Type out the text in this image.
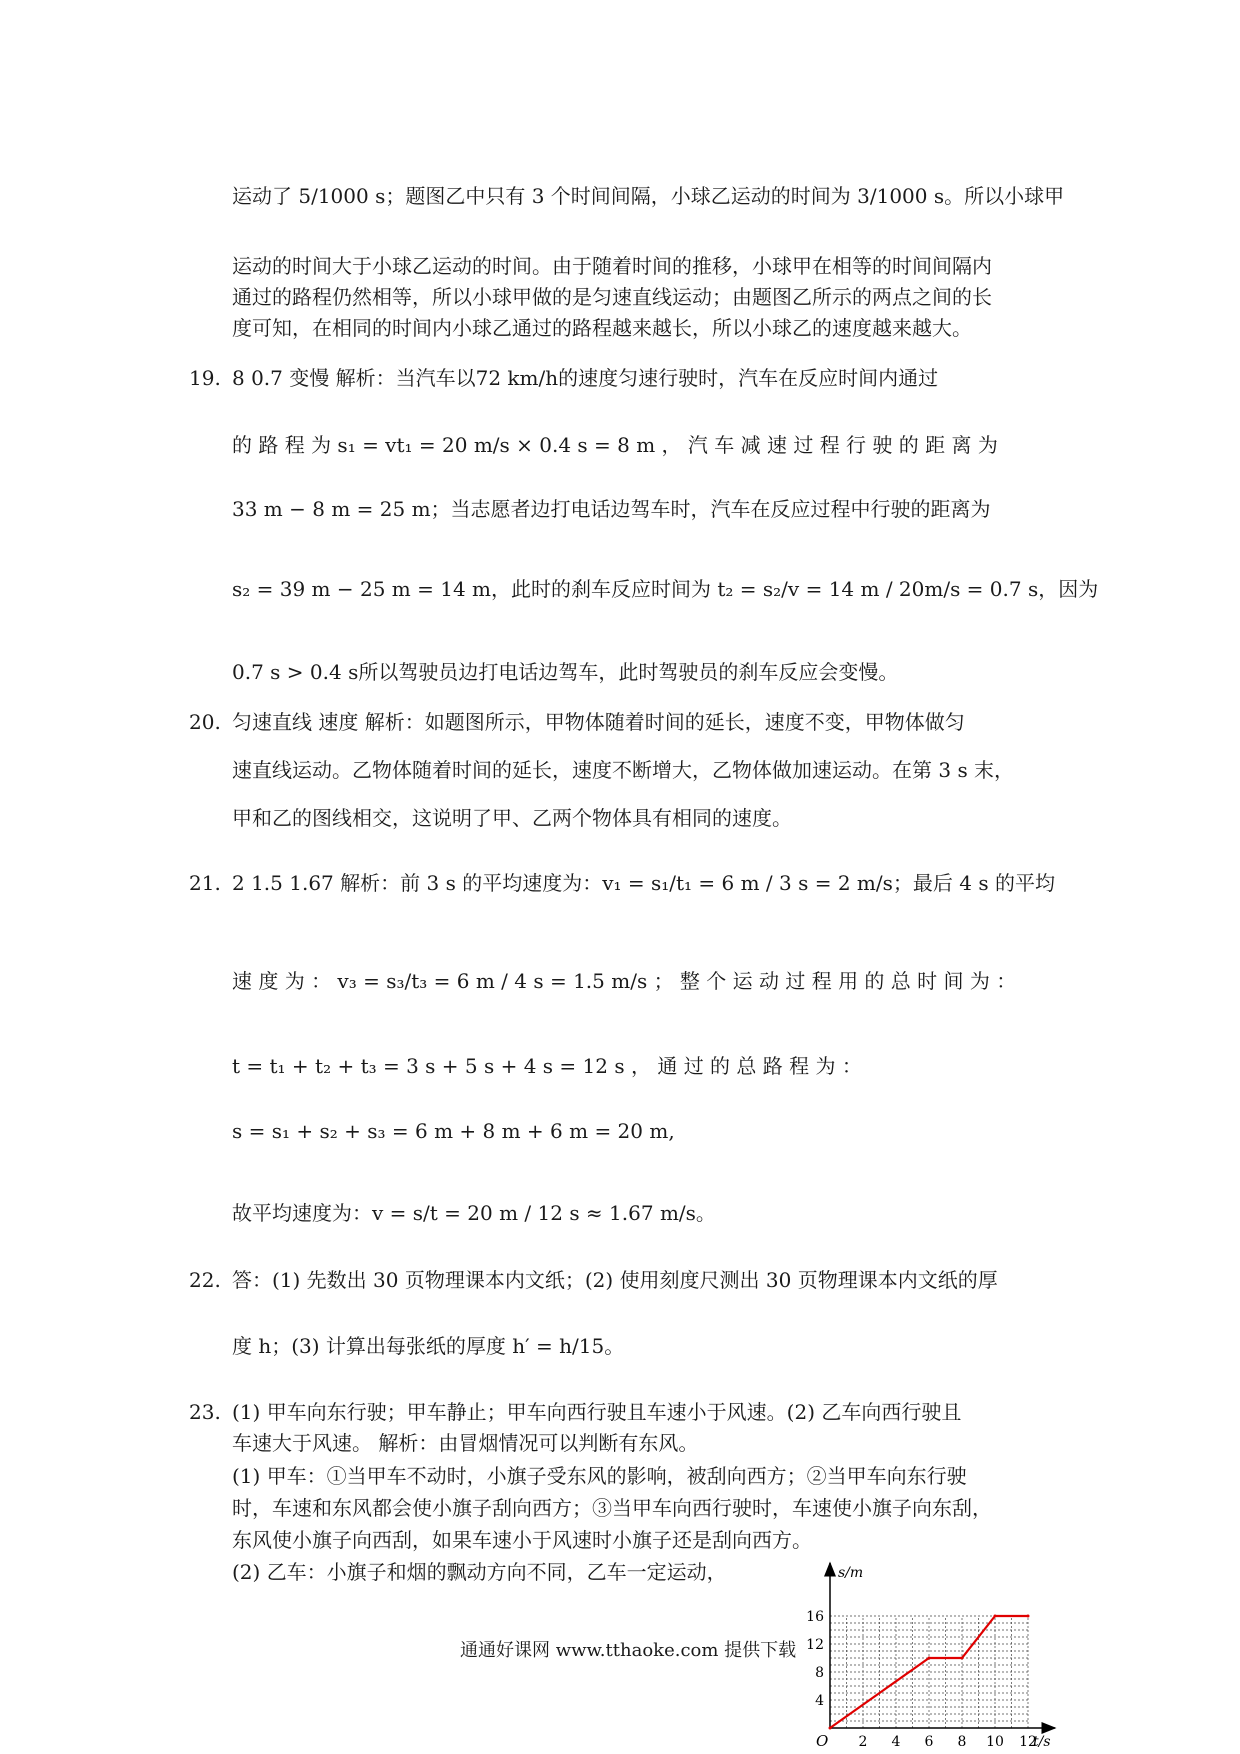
运动了 5/1000 s；题图乙中只有 3 个时间间隔，小球乙运动的时间为 3/1000 s。所以小球甲
运动的时间大于小球乙运动的时间。由于随着时间的推移，小球甲在相等的时间间隔内
通过的路程仍然相等，所以小球甲做的是匀速直线运动；由题图乙所示的两点之间的长
度可知，在相同的时间内小球乙通过的路程越来越长，所以小球乙的速度越来越大。
19. 8 0.7 变慢 解析：当汽车以72 km/h的速度匀速行驶时，汽车在反应时间内通过
的 路 程 为 s₁ = vt₁ = 20 m/s × 0.4 s = 8 m ， 汽 车 减 速 过 程 行 驶 的 距 离 为
33 m − 8 m = 25 m；当志愿者边打电话边驾车时，汽车在反应过程中行驶的距离为
s₂ = 39 m − 25 m = 14 m，此时的刹车反应时间为 t₂ = s₂/v = 14 m / 20m/s = 0.7 s，因为
0.7 s > 0.4 s所以驾驶员边打电话边驾车，此时驾驶员的刹车反应会变慢。
20. 匀速直线 速度 解析：如题图所示，甲物体随着时间的延长，速度不变，甲物体做匀
速直线运动。乙物体随着时间的延长，速度不断增大，乙物体做加速运动。在第 3 s 末，
甲和乙的图线相交，这说明了甲、乙两个物体具有相同的速度。
21. 2 1.5 1.67 解析：前 3 s 的平均速度为：v₁ = s₁/t₁ = 6 m / 3 s = 2 m/s；最后 4 s 的平均
速 度 为 ： v₃ = s₃/t₃ = 6 m / 4 s = 1.5 m/s ； 整 个 运 动 过 程 用 的 总 时 间 为 ：
t = t₁ + t₂ + t₃ = 3 s + 5 s + 4 s = 12 s ， 通 过 的 总 路 程 为 ：
s = s₁ + s₂ + s₃ = 6 m + 8 m + 6 m = 20 m,
故平均速度为：v = s/t = 20 m / 12 s ≈ 1.67 m/s。
22. 答：(1) 先数出 30 页物理课本内文纸；(2) 使用刻度尺测出 30 页物理课本内文纸的厚
度 h；(3) 计算出每张纸的厚度 h′ = h/15。
23. (1) 甲车向东行驶；甲车静止；甲车向西行驶且车速小于风速。(2) 乙车向西行驶且
车速大于风速。 解析：由冒烟情况可以判断有东风。
(1) 甲车：①当甲车不动时，小旗子受东风的影响，被刮向西方；②当甲车向东行驶
时，车速和东风都会使小旗子刮向西方；③当甲车向西行驶时，车速使小旗子向东刮，
东风使小旗子向西刮，如果车速小于风速时小旗子还是刮向西方。
(2) 乙车：小旗子和烟的飘动方向不同，乙车一定运动，
通通好课网 www.tthaoke.com 提供下载
2 4 6 8 10 12
4
8
12
16
s/m
t/s
O
